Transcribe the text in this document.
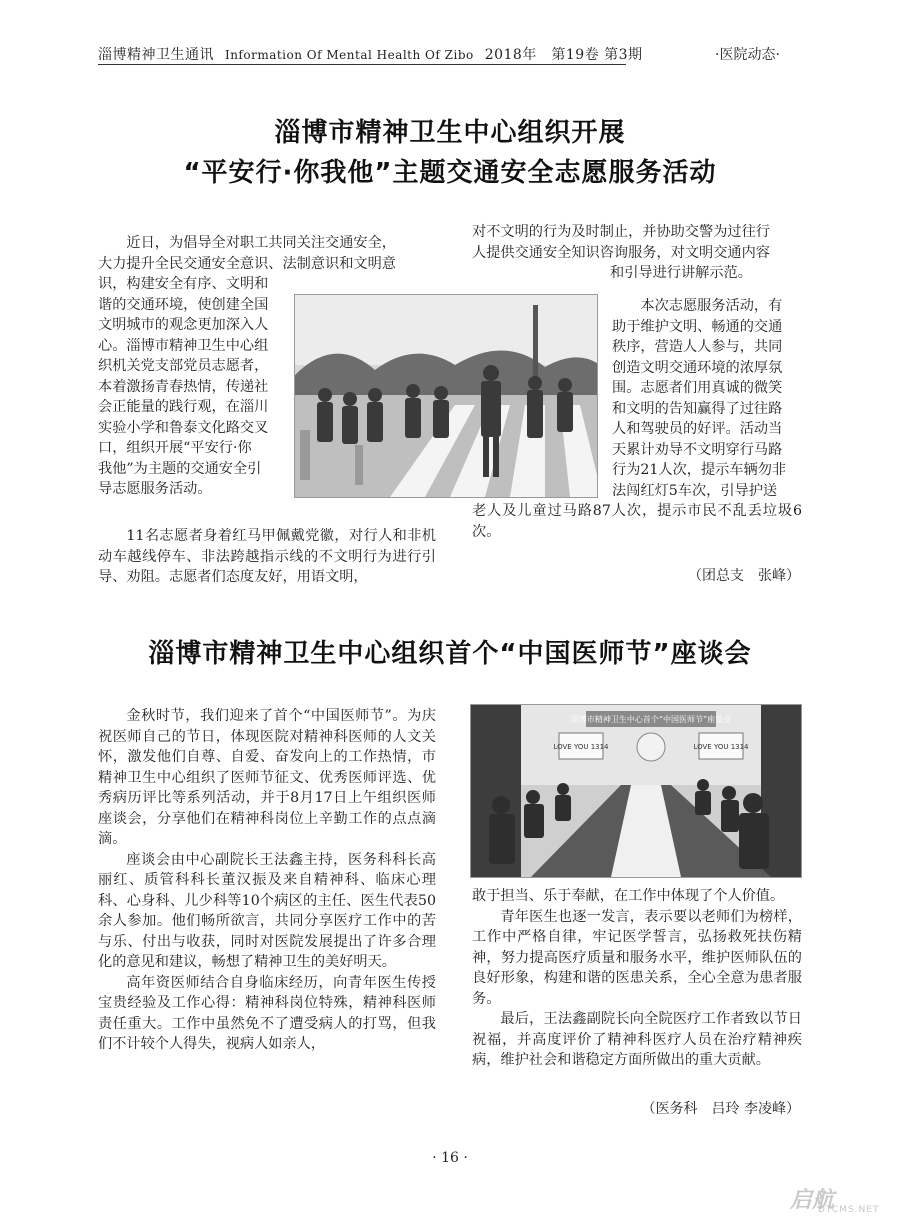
淄博精神卫生通讯 Information Of Mental Health Of Zibo 2018年　第19卷 第3期	·医院动态·
淄博市精神卫生中心组织开展
“平安行·你我他”主题交通安全志愿服务活动
近日，为倡导全对职工共同关注交通安全，
大力提升全民交通安全意识、法制意识和文明意
识，构建安全有序、文明和
谐的交通环境，使创建全国
文明城市的观念更加深入人
心。淄博市精神卫生中心组
织机关党支部党员志愿者，
本着激扬青春热情，传递社
会正能量的践行观，在淄川
实验小学和鲁泰文化路交叉
口，组织开展“平安行·你
我他”为主题的交通安全引
导志愿服务活动。

11名志愿者身着红马甲佩戴党徽，对行人和非机动车越线停车、非法跨越指示线的不文明行为进行引导、劝阻。志愿者们态度友好，用语文明，

对不文明的行为及时制止，并协助交警为过往行
人提供交通安全知识咨询服务，对文明交通内容
和引导进行讲解示范。
本次志愿服务活动，有
助于维护文明、畅通的交通
秩序，营造人人参与，共同
创造文明交通环境的浓厚氛
围。志愿者们用真诚的微笑
和文明的告知赢得了过往路
人和驾驶员的好评。活动当
天累计劝导不文明穿行马路
行为21人次，提示车辆勿非
法闯红灯5车次，引导护送
老人及儿童过马路87人次，提示市民不乱丢垃圾6次。
（团总支　张峰）
淄博市精神卫生中心组织首个“中国医师节”座谈会

金秋时节，我们迎来了首个“中国医师节”。为庆祝医师自己的节日，体现医院对精神科医师的人文关怀，激发他们自尊、自爱、奋发向上的工作热情，市精神卫生中心组织了医师节征文、优秀医师评选、优秀病历评比等系列活动，并于8月17日上午组织医师座谈会，分享他们在精神科岗位上辛勤工作的点点滴滴。

座谈会由中心副院长王法鑫主持，医务科科长高丽红、质管科科长董汉振及来自精神科、临床心理科、心身科、儿少科等10个病区的主任、医生代表50余人参加。他们畅所欲言，共同分享医疗工作中的苦与乐、付出与收获，同时对医院发展提出了许多合理化的意见和建议，畅想了精神卫生的美好明天。

高年资医师结合自身临床经历，向青年医生传授宝贵经验及工作心得：精神科岗位特殊，精神科医师责任重大。工作中虽然免不了遭受病人的打骂，但我们不计较个人得失，视病人如亲人，

淄博市精神卫生中心首个“中国医师节”座谈会
LOVE YOU 1314	LOVE YOU 1314
敢于担当、乐于奉献，在工作中体现了个人价值。

青年医生也逐一发言，表示要以老师们为榜样，工作中严格自律，牢记医学誓言，弘扬救死扶伤精神，努力提高医疗质量和服务水平，维护医师队伍的良好形象，构建和谐的医患关系，全心全意为患者服务。

最后，王法鑫副院长向全院医疗工作者致以节日祝福，并高度评价了精神科医疗人员在治疗精神疾病，维护社会和谐稳定方面所做出的重大贡献。

（医务科　吕玲 李凌峰）
· 16 ·
启航
DTCMS.NET
